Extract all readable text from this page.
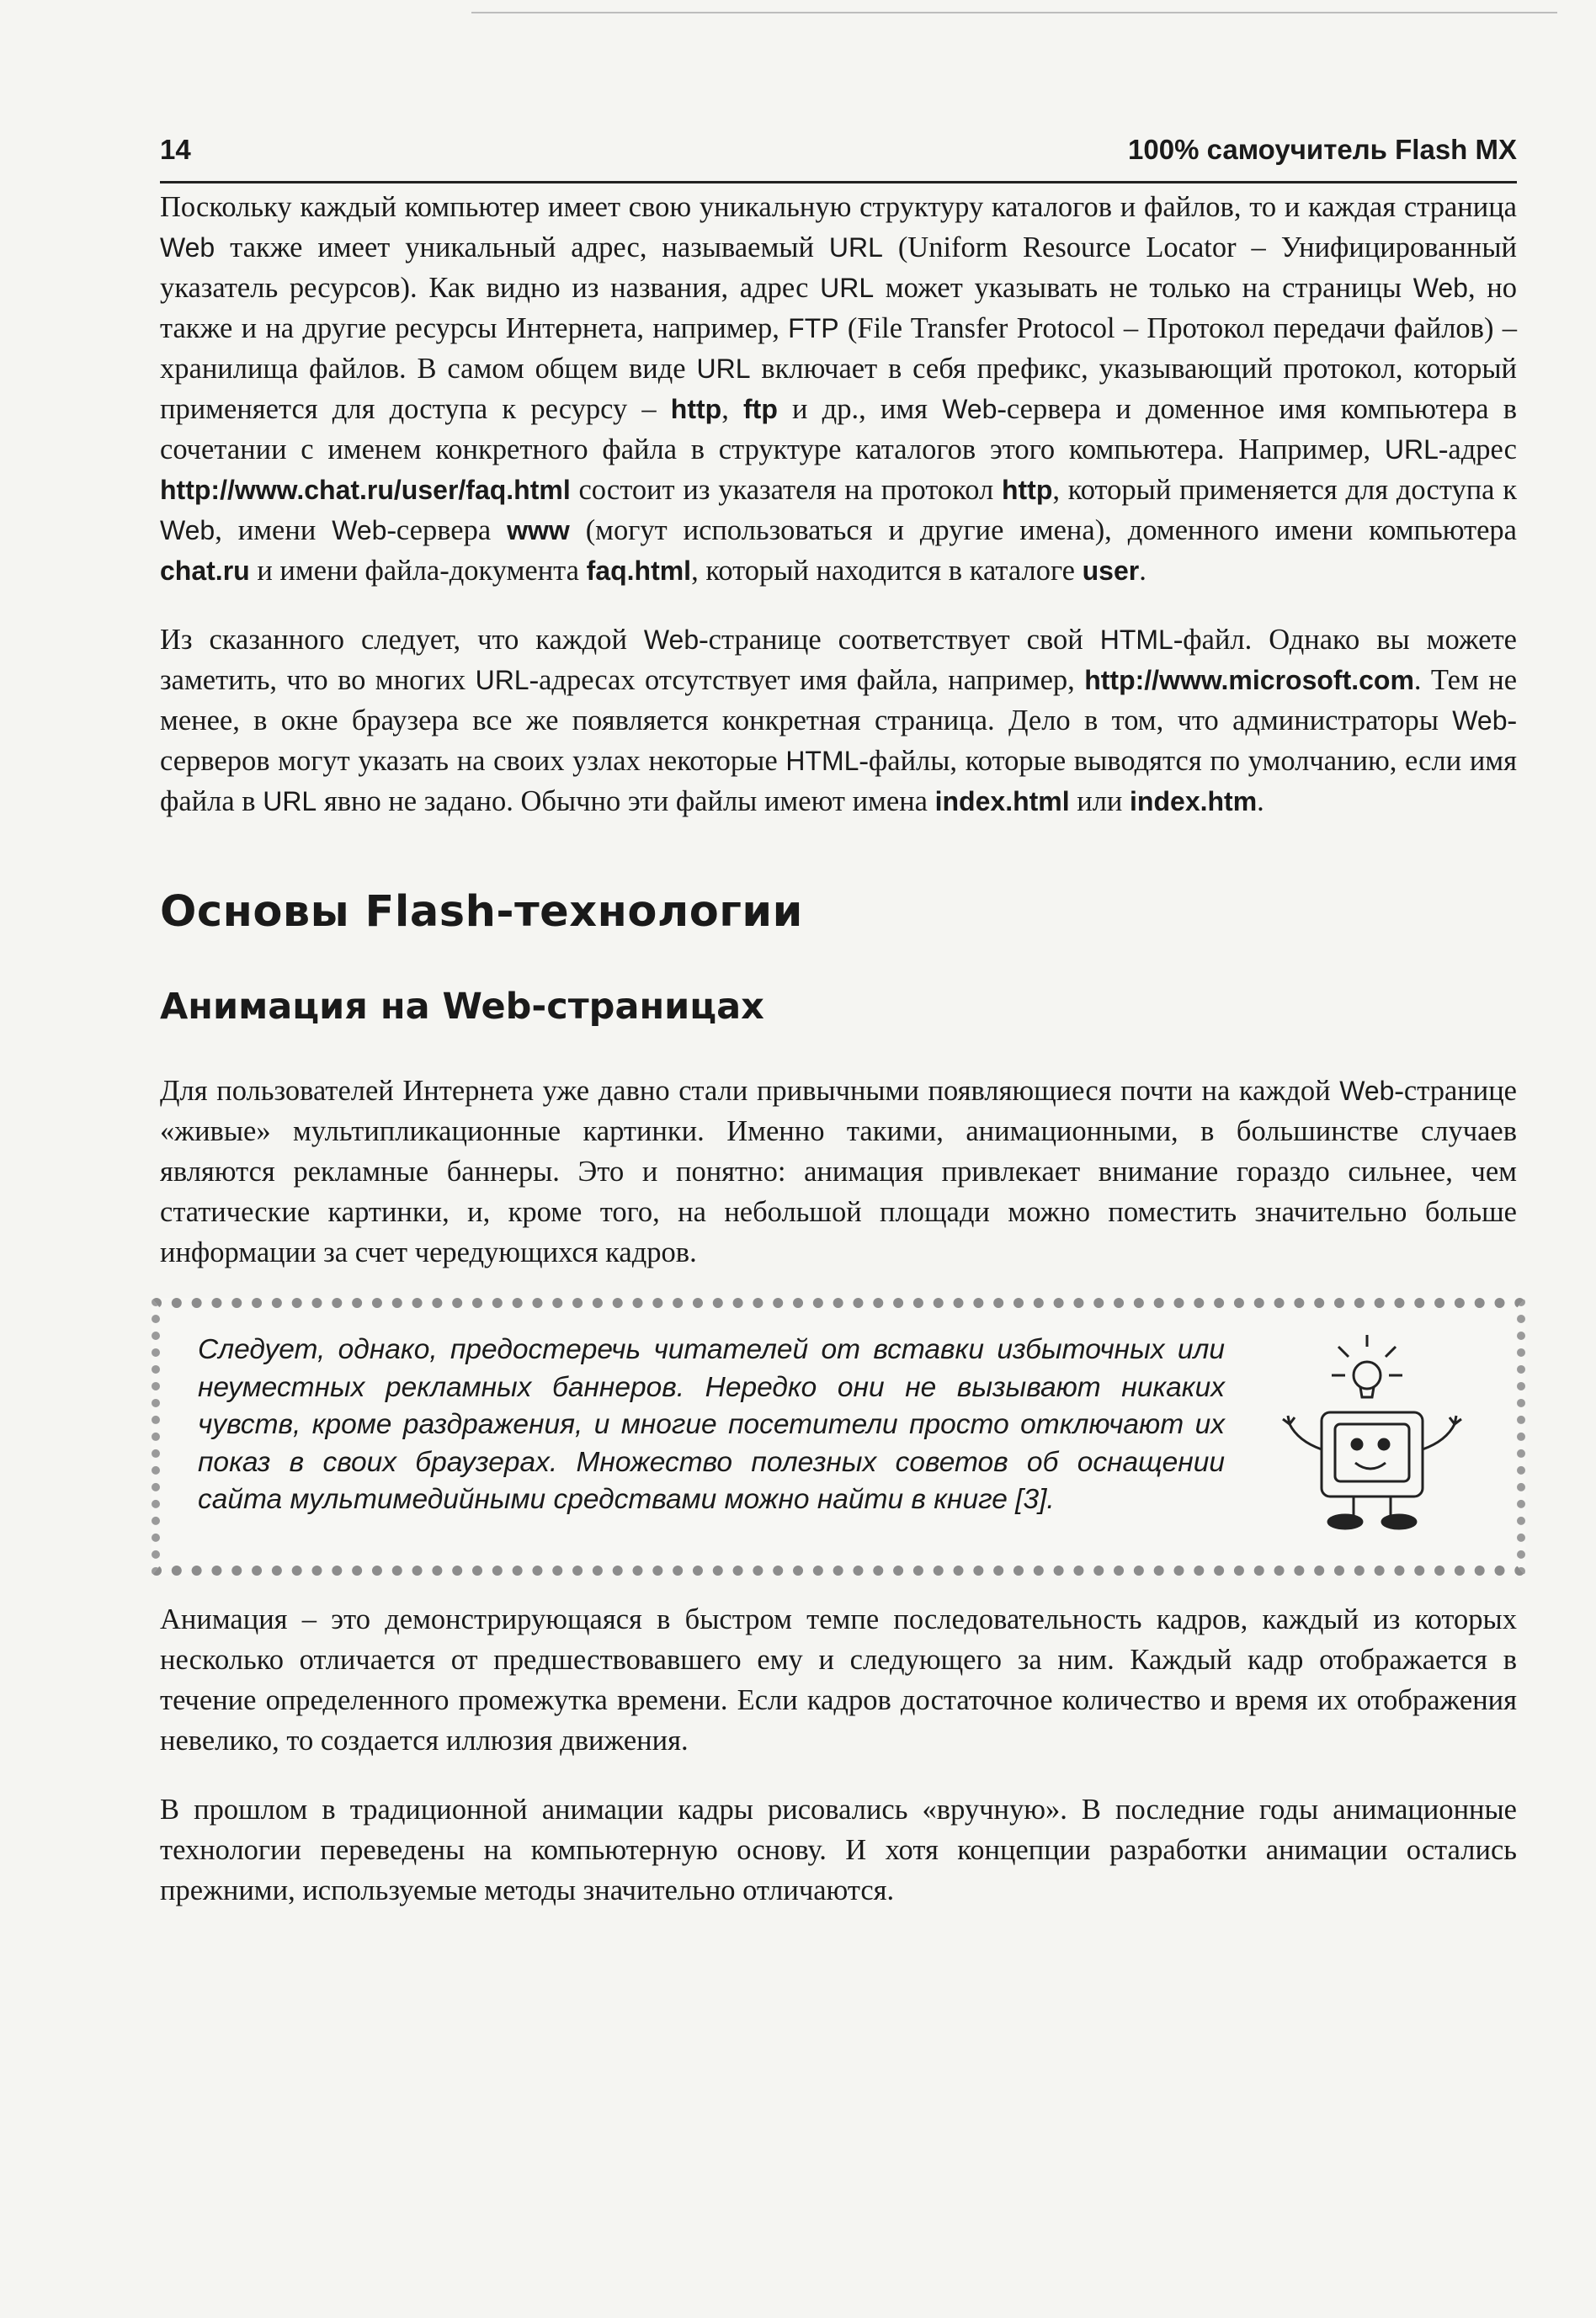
14	100% самоучитель Flash MX

Поскольку каждый компьютер имеет свою уникальную структуру каталогов и файлов, то и каждая страница Web также имеет уникальный адрес, называемый URL (Uniform Resource Locator – Унифицированный указатель ресурсов). Как видно из названия, адрес URL может указывать не только на страницы Web, но также и на другие ресурсы Интернета, например, FTP (File Transfer Protocol – Протокол передачи файлов) – хранилища файлов. В самом общем виде URL включает в себя префикс, указывающий протокол, который применяется для доступа к ресурсу – http, ftp и др., имя Web-сервера и доменное имя компьютера в сочетании с именем конкретного файла в структуре каталогов этого компьютера. Например, URL-адрес http://www.chat.ru/user/faq.html состоит из указателя на протокол http, который применяется для доступа к Web, имени Web-сервера www (могут использоваться и другие имена), доменного имени компьютера chat.ru и имени файла-документа faq.html, который находится в каталоге user.

Из сказанного следует, что каждой Web-странице соответствует свой HTML-файл. Однако вы можете заметить, что во многих URL-адресах отсутствует имя файла, например, http://www.microsoft.com. Тем не менее, в окне браузера все же появляется конкретная страница. Дело в том, что администраторы Web-серверов могут указать на своих узлах некоторые HTML-файлы, которые выводятся по умолчанию, если имя файла в URL явно не задано. Обычно эти файлы имеют имена index.html или index.htm.

Основы Flash-технологии
Анимация на Web-страницах

Для пользователей Интернета уже давно стали привычными появляющиеся почти на каждой Web-странице «живые» мультипликационные картинки. Именно такими, анимационными, в большинстве случаев являются рекламные баннеры. Это и понятно: анимация привлекает внимание гораздо сильнее, чем статические картинки, и, кроме того, на небольшой площади можно поместить значительно больше информации за счет чередующихся кадров.

Следует, однако, предостеречь читателей от вставки избыточных или неуместных рекламных баннеров. Нередко они не вызывают никаких чувств, кроме раздражения, и многие посетители просто отключают их показ в своих браузерах. Множество полезных советов об оснащении сайта мультимедийными средствами можно найти в книге [3].

Анимация – это демонстрирующаяся в быстром темпе последовательность кадров, каждый из которых несколько отличается от предшествовавшего ему и следующего за ним. Каждый кадр отображается в течение определенного промежутка времени. Если кадров достаточное количество и время их отображения невелико, то создается иллюзия движения.

В прошлом в традиционной анимации кадры рисовались «вручную». В последние годы анимационные технологии переведены на компьютерную основу. И хотя концепции разработки анимации остались прежними, используемые методы значительно отличаются.
